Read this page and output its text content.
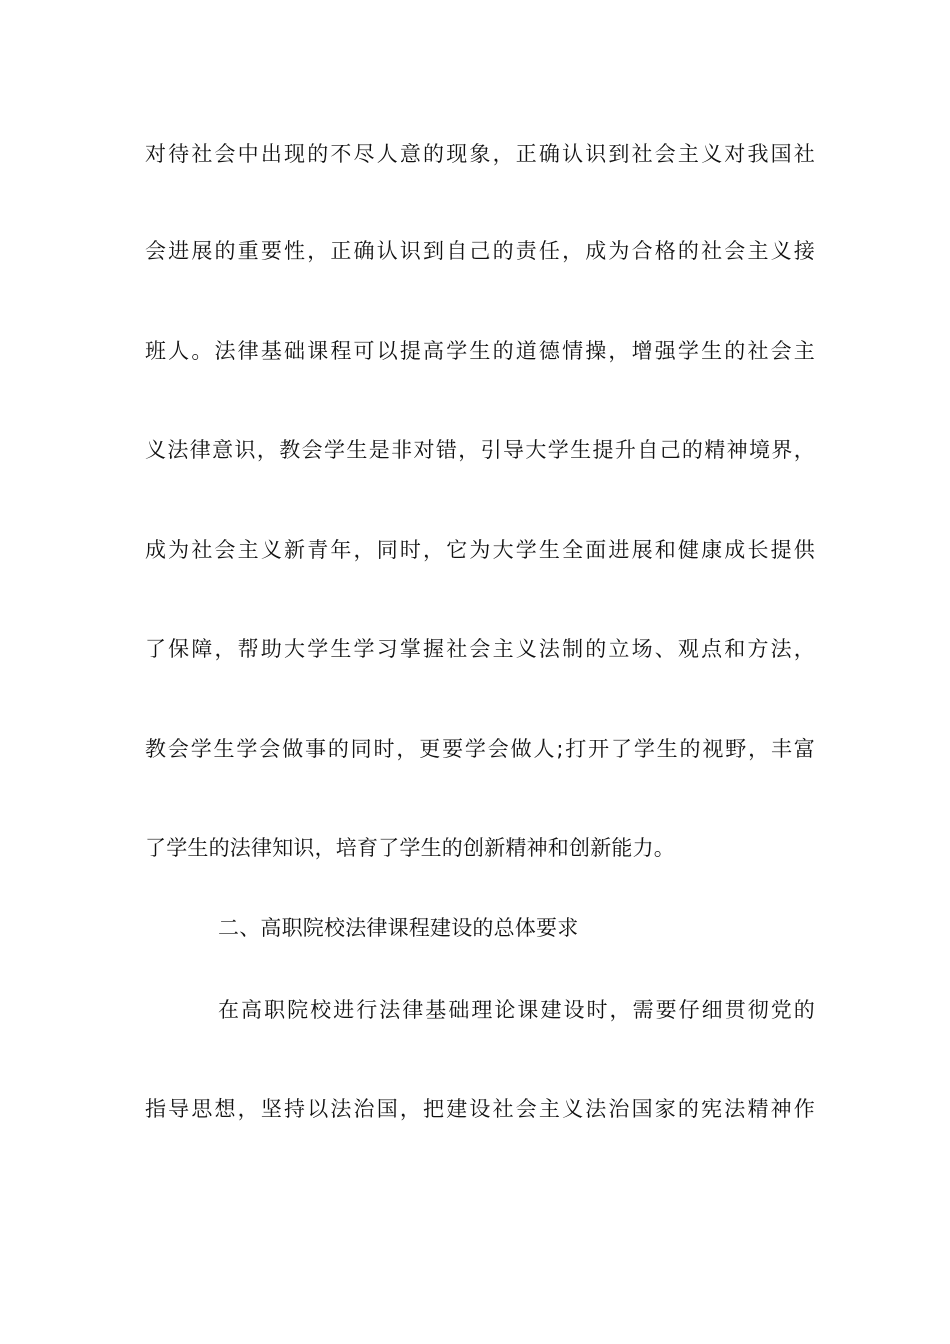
对待社会中出现的不尽人意的现象，正确认识到社会主义对我国社
会进展的重要性，正确认识到自己的责任，成为合格的社会主义接
班人。法律基础课程可以提高学生的道德情操，增强学生的社会主
义法律意识，教会学生是非对错，引导大学生提升自己的精神境界，
成为社会主义新青年，同时，它为大学生全面进展和健康成长提供
了保障，帮助大学生学习掌握社会主义法制的立场、观点和方法，
教会学生学会做事的同时，更要学会做人;打开了学生的视野，丰富
了学生的法律知识，培育了学生的创新精神和创新能力。
二、高职院校法律课程建设的总体要求
在高职院校进行法律基础理论课建设时，需要仔细贯彻党的
指导思想，坚持以法治国，把建设社会主义法治国家的宪法精神作
